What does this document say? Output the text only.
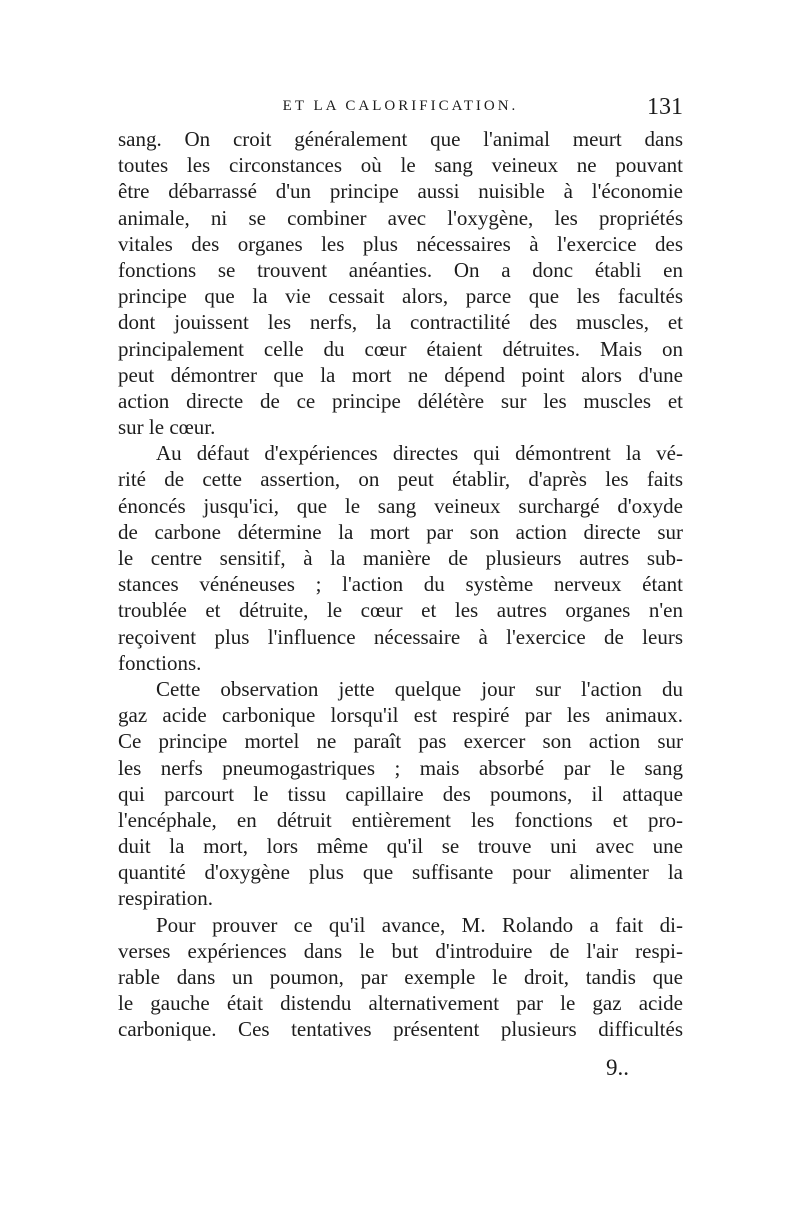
ET LA CALORIFICATION.	131
sang. On croit généralement que l'animal meurt dans
toutes les circonstances où le sang veineux ne pouvant
être débarrassé d'un principe aussi nuisible à l'économie
animale, ni se combiner avec l'oxygène, les propriétés
vitales des organes les plus nécessaires à l'exercice des
fonctions se trouvent anéanties. On a donc établi en
principe que la vie cessait alors, parce que les facultés
dont jouissent les nerfs, la contractilité des muscles, et
principalement celle du cœur étaient détruites. Mais on
peut démontrer que la mort ne dépend point alors d'une
action directe de ce principe délétère sur les muscles et
sur le cœur.
Au défaut d'expériences directes qui démontrent la vé-
rité de cette assertion, on peut établir, d'après les faits
énoncés jusqu'ici, que le sang veineux surchargé d'oxyde
de carbone détermine la mort par son action directe sur
le centre sensitif, à la manière de plusieurs autres sub-
stances vénéneuses ; l'action du système nerveux étant
troublée et détruite, le cœur et les autres organes n'en
reçoivent plus l'influence nécessaire à l'exercice de leurs
fonctions.
Cette observation jette quelque jour sur l'action du
gaz acide carbonique lorsqu'il est respiré par les animaux.
Ce principe mortel ne paraît pas exercer son action sur
les nerfs pneumogastriques ; mais absorbé par le sang
qui parcourt le tissu capillaire des poumons, il attaque
l'encéphale, en détruit entièrement les fonctions et pro-
duit la mort, lors même qu'il se trouve uni avec une
quantité d'oxygène plus que suffisante pour alimenter la
respiration.
Pour prouver ce qu'il avance, M. Rolando a fait di-
verses expériences dans le but d'introduire de l'air respi-
rable dans un poumon, par exemple le droit, tandis que
le gauche était distendu alternativement par le gaz acide
carbonique. Ces tentatives présentent plusieurs difficultés
9..
